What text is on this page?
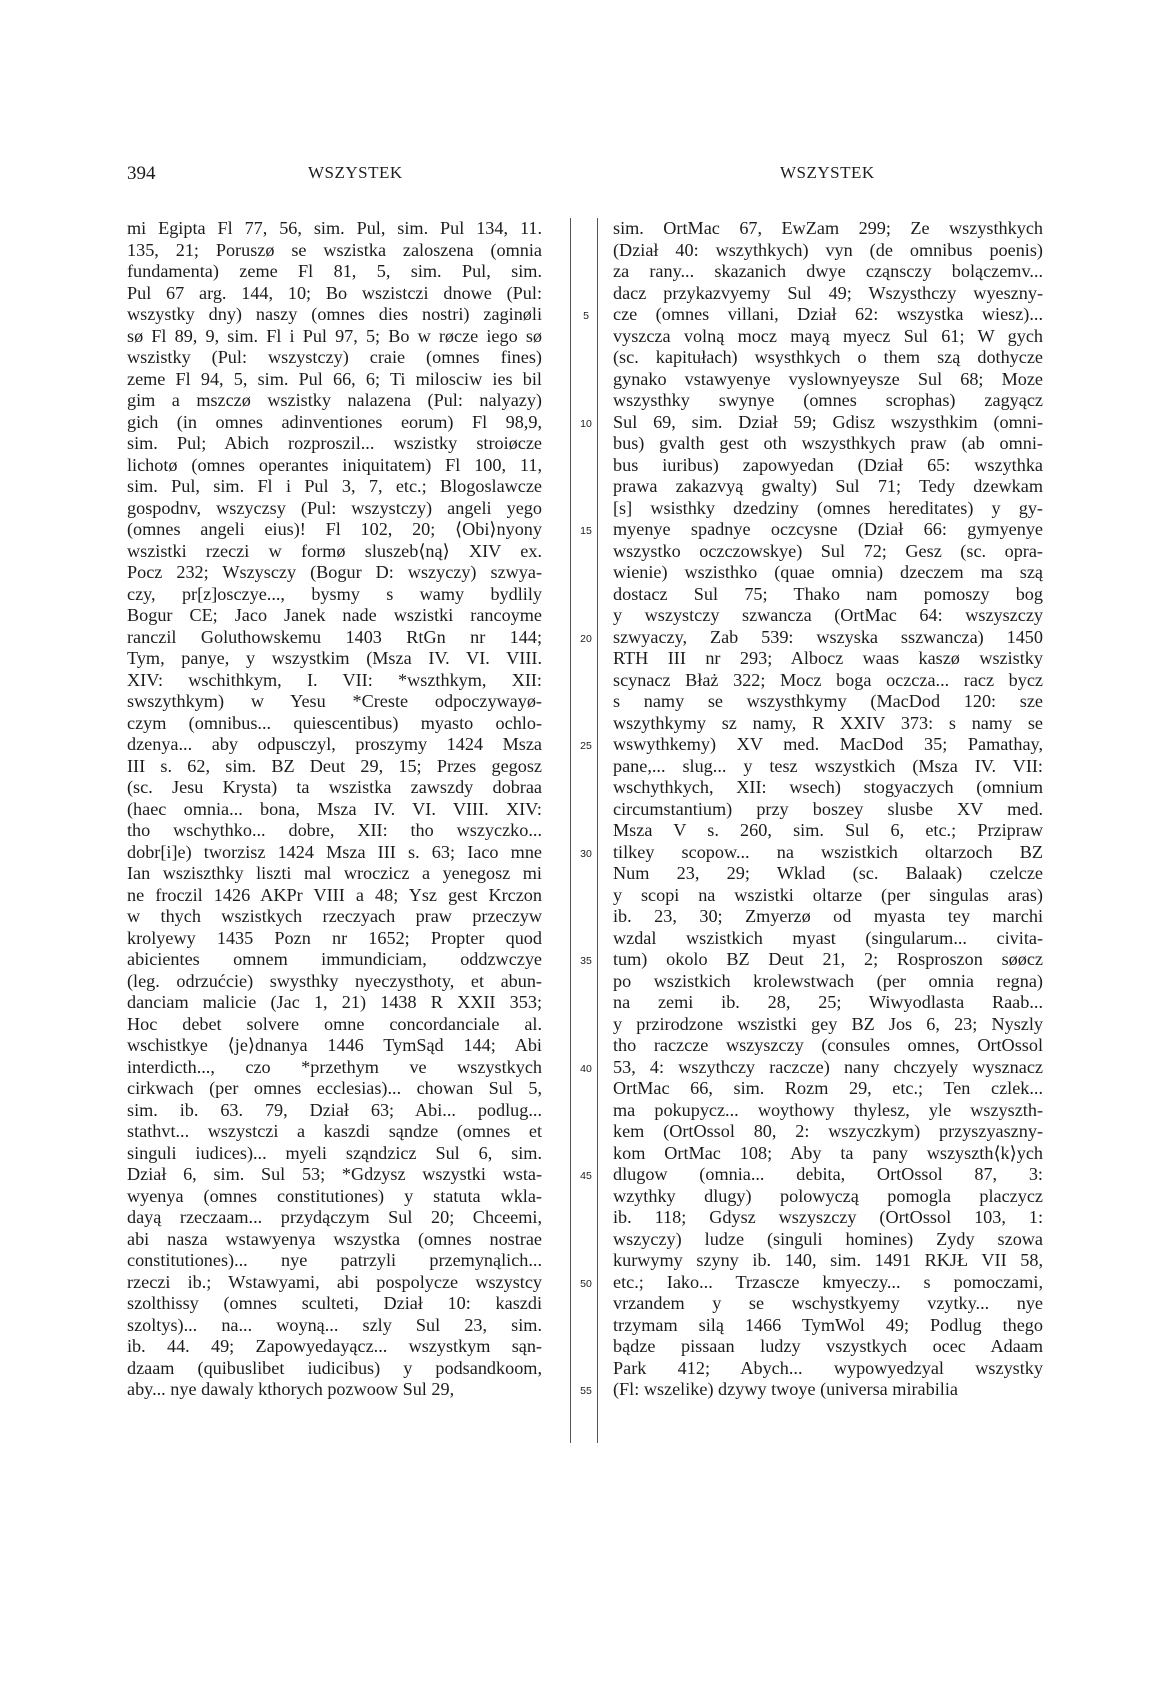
394	WSZYSTEK	WSZYSTEK
mi Egipta Fl 77, 56, sim. Pul, sim. Pul 134, 11.
135, 21; Poruszø se wszistka zaloszena (omnia
fundamenta) zeme Fl 81, 5, sim. Pul, sim.
Pul 67 arg. 144, 10; Bo wszistczi dnowe (Pul:
wszystky dny) naszy (omnes dies nostri) zaginøli
sø Fl 89, 9, sim. Fl i Pul 97, 5; Bo w røcze iego sø
wszistky (Pul: wszystczy) craie (omnes fines)
zeme Fl 94, 5, sim. Pul 66, 6; Ti milosciw ies bil
gim a mszczø wszistky nalazena (Pul: nalyazy)
gich (in omnes adinventiones eorum) Fl 98,9,
sim. Pul; Abich rozproszil... wszistky stroiøcze
lichotø (omnes operantes iniquitatem) Fl 100, 11,
sim. Pul, sim. Fl i Pul 3, 7, etc.; Blogoslawcze
gospodnv, wszyczsy (Pul: wszystczy) angeli yego
(omnes angeli eius)! Fl 102, 20; ⟨Obi⟩nyony
wszistki rzeczi w formø sluszeb⟨ną⟩ XIV ex.
Pocz 232; Wszysczy (Bogur D: wszyczy) szwya-
czy, pr[z]osczye..., bysmy s wamy bydlily
Bogur CE; Jaco Janek nade wszistki rancoyme
ranczil Goluthowskemu 1403 RtGn nr 144;
Tym, panye, y wszystkim (Msza IV. VI. VIII.
XIV: wschithkym, I. VII: *wszthkym, XII:
swszythkym) w Yesu *Creste odpoczywayø-
czym (omnibus... quiescentibus) myasto ochlo-
dzenya... aby odpusczyl, proszymy 1424 Msza
III s. 62, sim. BZ Deut 29, 15; Przes gegosz
(sc. Jesu Krysta) ta wszistka zawszdy dobraa
(haec omnia... bona, Msza IV. VI. VIII. XIV:
tho wschythko... dobre, XII: tho wszyczko...
dobr[i]e) tworzisz 1424 Msza III s. 63; Iaco mne
Ian wsziszthky liszti mal wroczicz a yenegosz mi
ne froczil 1426 AKPr VIII a 48; Ysz gest Krczon
w thych wszistkych rzeczyach praw przeczyw
krolyewy 1435 Pozn nr 1652; Propter quod
abicientes omnem immundiciam, oddzwczye
(leg. odrzućcie) swysthky nyeczysthoty, et abun-
danciam malicie (Jac 1, 21) 1438 R XXII 353;
Hoc debet solvere omne concordanciale al.
wschistkye ⟨je⟩dnanya 1446 TymSąd 144; Abi
interdicth..., czo *przethym ve wszystkych
cirkwach (per omnes ecclesias)... chowan Sul 5,
sim. ib. 63. 79, Dział 63; Abi... podlug...
stathvt... wszystczi a kaszdi sąndze (omnes et
singuli iudices)... myeli sząndzicz Sul 6, sim.
Dział 6, sim. Sul 53; *Gdzysz wszystki wsta-
wyenya (omnes constitutiones) y statuta wkla-
dayą rzeczaam... przydączym Sul 20; Chceemi,
abi nasza wstawyenya wszystka (omnes nostrae
constitutiones)... nye patrzyli przemynąlich...
rzeczi ib.; Wstawyami, abi pospolycze wszystcy
szolthissy (omnes sculteti, Dział 10: kaszdi
szoltys)... na... woyną... szly Sul 23, sim.
ib. 44. 49; Zapowyedayącz... wszystkym sąn-
dzaam (quibuslibet iudicibus) y podsandkoom,
aby... nye dawaly kthorych pozwoow Sul 29,
5
10
15
20
25
30
35
40
45
50
55
sim. OrtMac 67, EwZam 299; Ze wszysthkych
(Dział 40: wszythkych) vyn (de omnibus poenis)
za rany... skazanich dwye cząnsczy bolączemv...
dacz przykazvyemy Sul 49; Wszysthczy wyeszny-
cze (omnes villani, Dział 62: wszystka wiesz)...
vyszcza volną mocz mayą myecz Sul 61; W gych
(sc. kapitułach) wsysthkych o them szą dothycze
gynako vstawyenye vyslownyeysze Sul 68; Moze
wszysthky swynye (omnes scrophas) zagyącz
Sul 69, sim. Dział 59; Gdisz wszysthkim (omni-
bus) gvalth gest oth wszysthkych praw (ab omni-
bus iuribus) zapowyedan (Dział 65: wszythka
prawa zakazvyą gwalty) Sul 71; Tedy dzewkam
[s] wsisthky dzedziny (omnes hereditates) y gy-
myenye spadnye oczcysne (Dział 66: gymyenye
wszystko oczczowskye) Sul 72; Gesz (sc. opra-
wienie) wszisthko (quae omnia) dzeczem ma szą
dostacz Sul 75; Thako nam pomoszy bog
y wszystczy szwancza (OrtMac 64: wszyszczy
szwyaczy, Zab 539: wszyska sszwancza) 1450
RTH III nr 293; Albocz waas kaszø wszistky
scynacz Błaż 322; Mocz boga oczcza... racz bycz
s namy se wszysthkymy (MacDod 120: sze
wszythkymy sz namy, R XXIV 373: s namy se
wswythkemy) XV med. MacDod 35; Pamathay,
pane,... slug... y tesz wszystkich (Msza IV. VII:
wschythkych, XII: wsech) stogyaczych (omnium
circumstantium) przy boszey slusbe XV med.
Msza V s. 260, sim. Sul 6, etc.; Przipraw
tilkey scopow... na wszistkich oltarzoch BZ
Num 23, 29; Wklad (sc. Balaak) czelcze
y scopi na wszistki oltarze (per singulas aras)
ib. 23, 30; Zmyerzø od myasta tey marchi
wzdal wszistkich myast (singularum... civita-
tum) okolo BZ Deut 21, 2; Rosproszon søøcz
po wszistkich krolewstwach (per omnia regna)
na zemi ib. 28, 25; Wiwyodlasta Raab...
y przirodzone wszistki gey BZ Jos 6, 23; Nyszly
tho raczcze wszyszczy (consules omnes, OrtOssol
53, 4: wszythczy raczcze) nany chczyely wysznacz
OrtMac 66, sim. Rozm 29, etc.; Ten czlek...
ma pokupycz... woythowy thylesz, yle wszyszth-
kem (OrtOssol 80, 2: wszyczkym) przyszyaszny-
kom OrtMac 108; Aby ta pany wszyszth⟨k⟩ych
dlugow (omnia... debita, OrtOssol 87, 3:
wzythky dlugy) polowyczą pomogla placzycz
ib. 118; Gdysz wszyszczy (OrtOssol 103, 1:
wszyczy) ludze (singuli homines) Zydy szowa
kurwymy szyny ib. 140, sim. 1491 RKJŁ VII 58,
etc.; Iako... Trzascze kmyeczy... s pomoczami,
vrzandem y se wschystkyemy vzytky... nye
trzymam silą 1466 TymWol 49; Podlug thego
bądze pissaan ludzy vszystkych ocec Adaam
Park 412; Abych... wypowyedzyal wszystky
(Fl: wszelike) dzywy twoye (universa mirabilia
